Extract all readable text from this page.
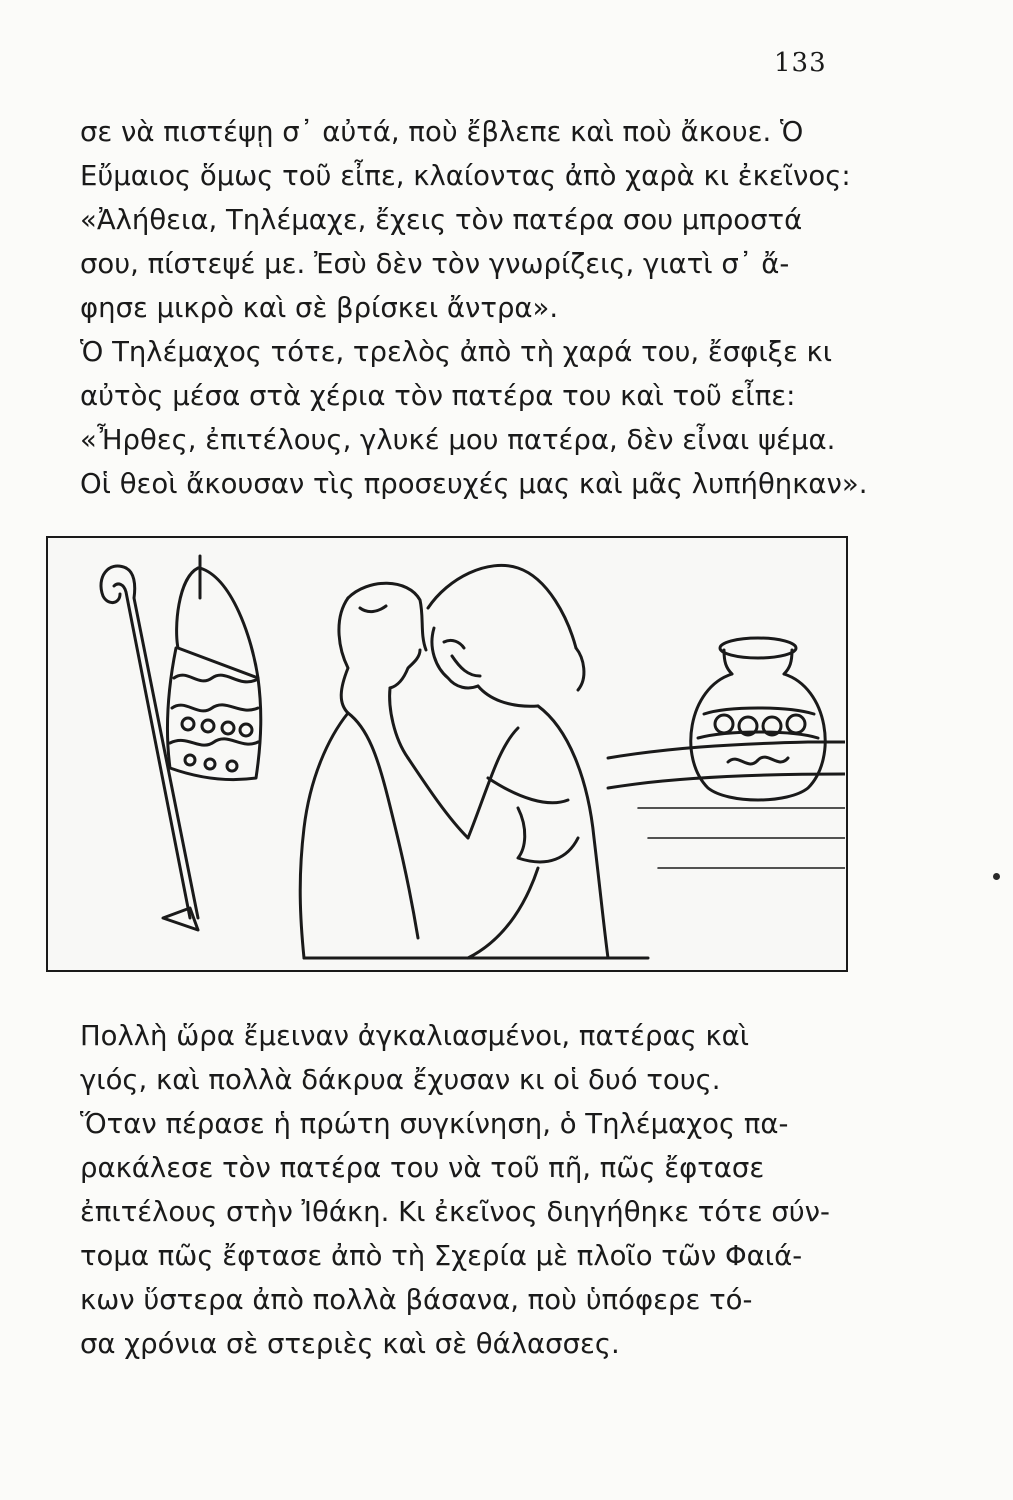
133
σε νὰ πιστέψῃ σ᾿ αὐτά, ποὺ ἔβλεπε καὶ ποὺ ἄκουε. Ὁ
Εὔμαιος ὅμως τοῦ εἶπε, κλαίοντας ἀπὸ χαρὰ κι ἐκεῖνος:
«Ἀλήθεια, Τηλέμαχε, ἔχεις τὸν πατέρα σου μπροστά
σου, πίστεψέ με. Ἐσὺ δὲν τὸν γνωρίζεις, γιατὶ σ᾿ ἄ-
φησε μικρὸ καὶ σὲ βρίσκει ἄντρα».
Ὁ Τηλέμαχος τότε, τρελὸς ἀπὸ τὴ χαρά του, ἔσφιξε κι
αὐτὸς μέσα στὰ χέρια τὸν πατέρα του καὶ τοῦ εἶπε:
«Ἦρθες, ἐπιτέλους, γλυκέ μου πατέρα, δὲν εἶναι ψέμα.
Οἱ θεοὶ ἄκουσαν τὶς προσευχές μας καὶ μᾶς λυπήθηκαν».
Πολλὴ ὥρα ἔμειναν ἀγκαλιασμένοι, πατέρας καὶ
γιός, καὶ πολλὰ δάκρυα ἔχυσαν κι οἱ δυό τους.
Ὅταν πέρασε ἡ πρώτη συγκίνηση, ὁ Τηλέμαχος πα-
ρακάλεσε τὸν πατέρα του νὰ τοῦ πῆ, πῶς ἔφτασε
ἐπιτέλους στὴν Ἰθάκη. Κι ἐκεῖνος διηγήθηκε τότε σύν-
τομα πῶς ἔφτασε ἀπὸ τὴ Σχερία μὲ πλοῖο τῶν Φαιά-
κων ὕστερα ἀπὸ πολλὰ βάσανα, ποὺ ὑπόφερε τό-
σα χρόνια σὲ στεριὲς καὶ σὲ θάλασσες.
